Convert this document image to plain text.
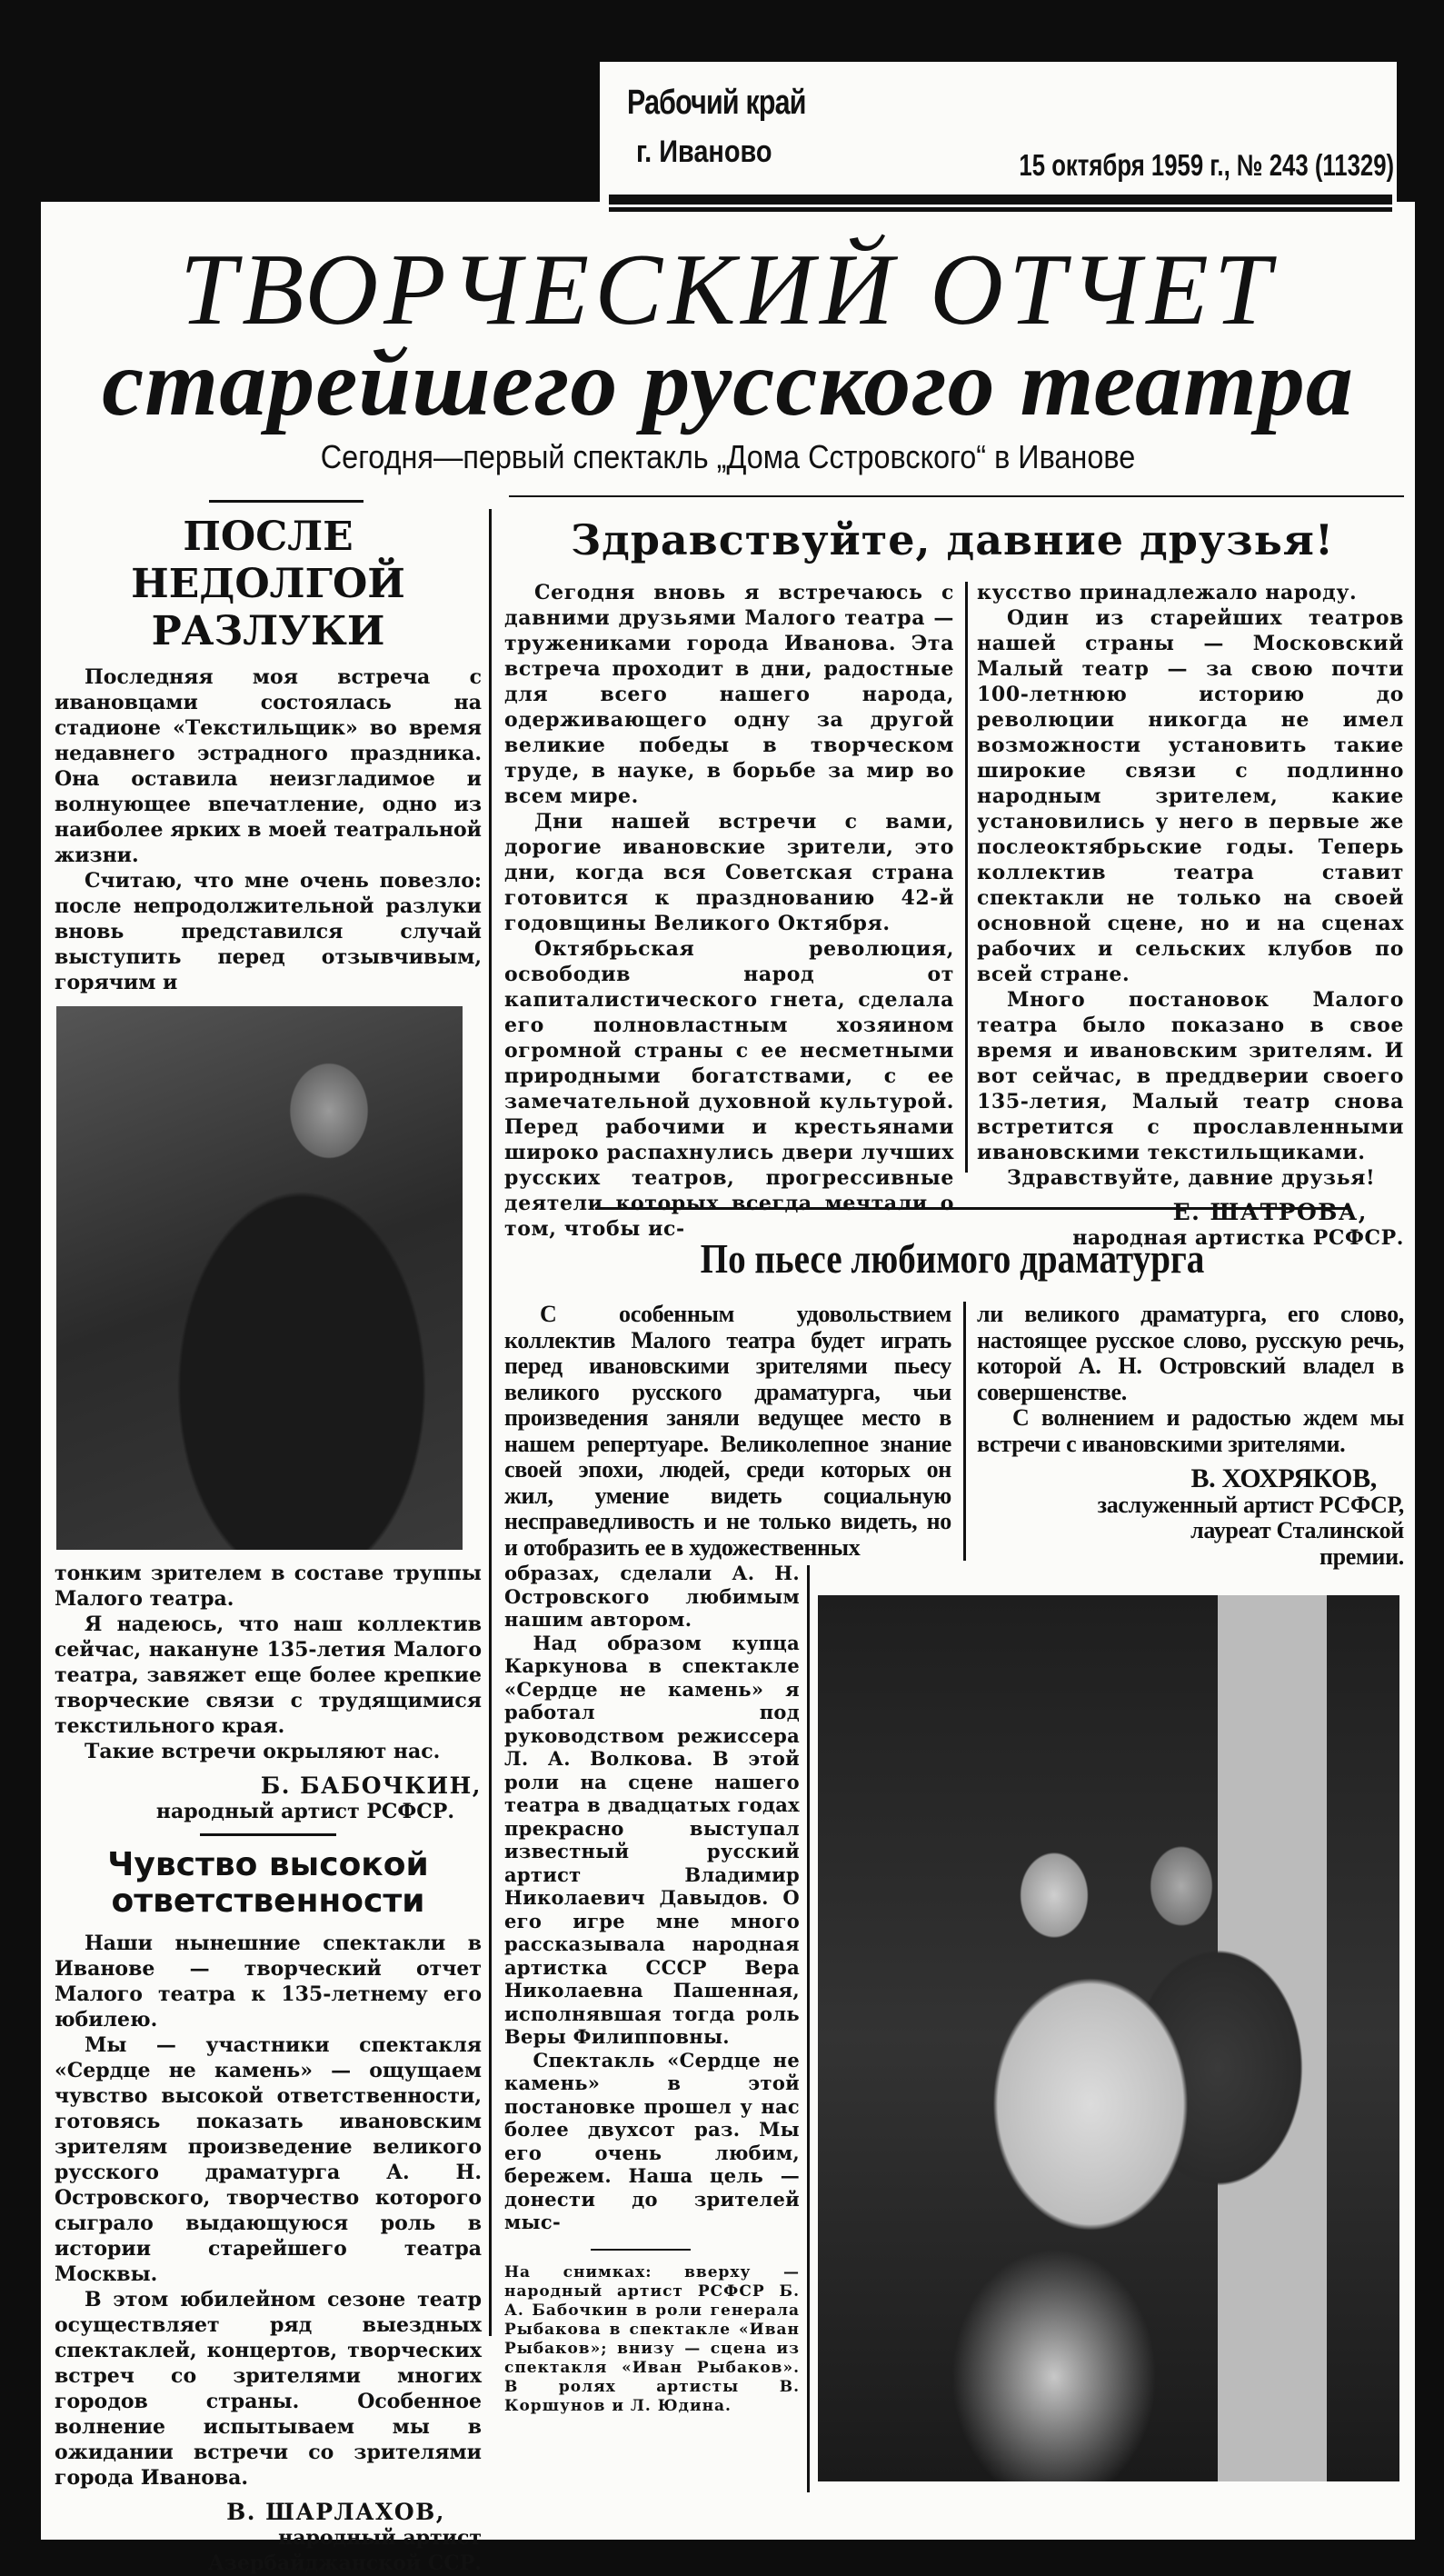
Рабочий край
г. Иваново	15 октября 1959 г., № 243 (11329)
ТВОРЧЕСКИЙ ОТЧЕТ
старейшего русского театра
Сегодня—первый спектакль „Дома Сстровского“ в Иванове
ПОСЛЕ НЕДОЛГОЙ
РАЗЛУКИ

Последняя моя встреча с ивановцами состоялась на стадионе «Текстильщик» во время недавнего эстрадного праздника. Она оставила неизгладимое и волнующее впечатление, одно из наиболее ярких в моей театральной жизни.

Считаю, что мне очень повезло: после непродолжительной разлуки вновь представился случай выступить перед отзывчивым, горячим и

тонким зрителем в составе труппы Малого театра.

Я надеюсь, что наш коллектив сейчас, накануне 135-летия Малого театра, завяжет еще более крепкие творческие связи с трудящимися текстильного края.

Такие встречи окрыляют нас.

Б. БАБОЧКИН,

народный артист РСФСР.

Чувство высокой
ответственности

Наши нынешние спектакли в Иванове — творческий отчет Малого театра к 135-летнему его юбилею.

Мы — участники спектакля «Сердце не камень» — ощущаем чувство высокой ответственности, готовясь показать ивановским зрителям произведение великого русского драматурга А. Н. Островского, творчество которого сыграло выдающуюся роль в истории старейшего театра Москвы.

В этом юбилейном сезоне театр осуществляет ряд выездных спектаклей, концертов, творческих встреч со зрителями многих городов страны. Особенное волнение испытываем мы в ожидании встречи со зрителями города Иванова.

В. ШАРЛАХОВ,

народный артист

Азербайджанской ССР.

Здравствуйте, давние друзья!

Сегодня вновь я встречаюсь с давними друзьями Малого театра — тружениками города Иванова. Эта встреча проходит в дни, радостные для всего нашего народа, одерживающего одну за другой великие победы в творческом труде, в науке, в борьбе за мир во всем мире.

Дни нашей встречи с вами, дорогие ивановские зрители, это дни, когда вся Советская страна готовится к празднованию 42-й годовщины Великого Октября.

Октябрьская революция, освободив народ от капиталистического гнета, сделала его полновластным хозяином огромной страны с ее несметными природными богатствами, с ее замечательной духовной культурой. Перед рабочими и крестьянами широко распахнулись двери лучших русских театров, прогрессивные деятели которых всегда мечтали о том, чтобы ис-

кусство принадлежало народу.

Один из старейших театров нашей страны — Московский Малый театр — за свою почти 100-летнюю историю до революции никогда не имел возможности установить такие широкие связи с подлинно народным зрителем, какие установились у него в первые же послеоктябрьские годы. Теперь коллектив театра ставит спектакли не только на своей основной сцене, но и на сценах рабочих и сельских клубов по всей стране.

Много постановок Малого театра было показано в свое время и ивановским зрителям. И вот сейчас, в преддверии своего 135-летия, Малый театр снова встретится с прославленными ивановскими текстильщиками.

Здравствуйте, давние друзья!

Е. ШАТРОВА,

народная артистка РСФСР.

По пьесе любимого драматурга

С особенным удовольствием коллектив Малого театра будет играть перед ивановскими зрителями пьесу великого русского драматурга, чьи произведения заняли ведущее место в нашем репертуаре. Великолепное знание своей эпохи, людей, среди которых он жил, умение видеть социальную несправедливость и не только видеть, но и отобразить ее в художественных

ли великого драматурга, его слово, настоящее русское слово, русскую речь, которой А. Н. Островский владел в совершенстве.

С волнением и радостью ждем мы встречи с ивановскими зрителями.

В. ХОХРЯКОВ,

заслуженный артист РСФСР,

лауреат Сталинской

премии.

образах, сделали А. Н. Островского любимым нашим автором.

Над образом купца Каркунова в спектакле «Сердце не камень» я работал под руководством режиссера Л. А. Волкова. В этой роли на сцене нашего театра в двадцатых годах прекрасно выступал известный русский артист Владимир Николаевич Давыдов. О его игре мне много рассказывала народная артистка СССР Вера Николаевна Пашенная, исполнявшая тогда роль Веры Филипповны.

Спектакль «Сердце не камень» в этой постановке прошел у нас более двухсот раз. Мы его очень любим, бережем. Наша цель — донести до зрителей мыс-

На снимках: вверху — народный артист РСФСР Б. А. Бабочкин в роли генерала Рыбакова в спектакле «Иван Рыбаков»; внизу — сцена из спектакля «Иван Рыбаков». В ролях артисты В. Коршунов и Л. Юдина.
